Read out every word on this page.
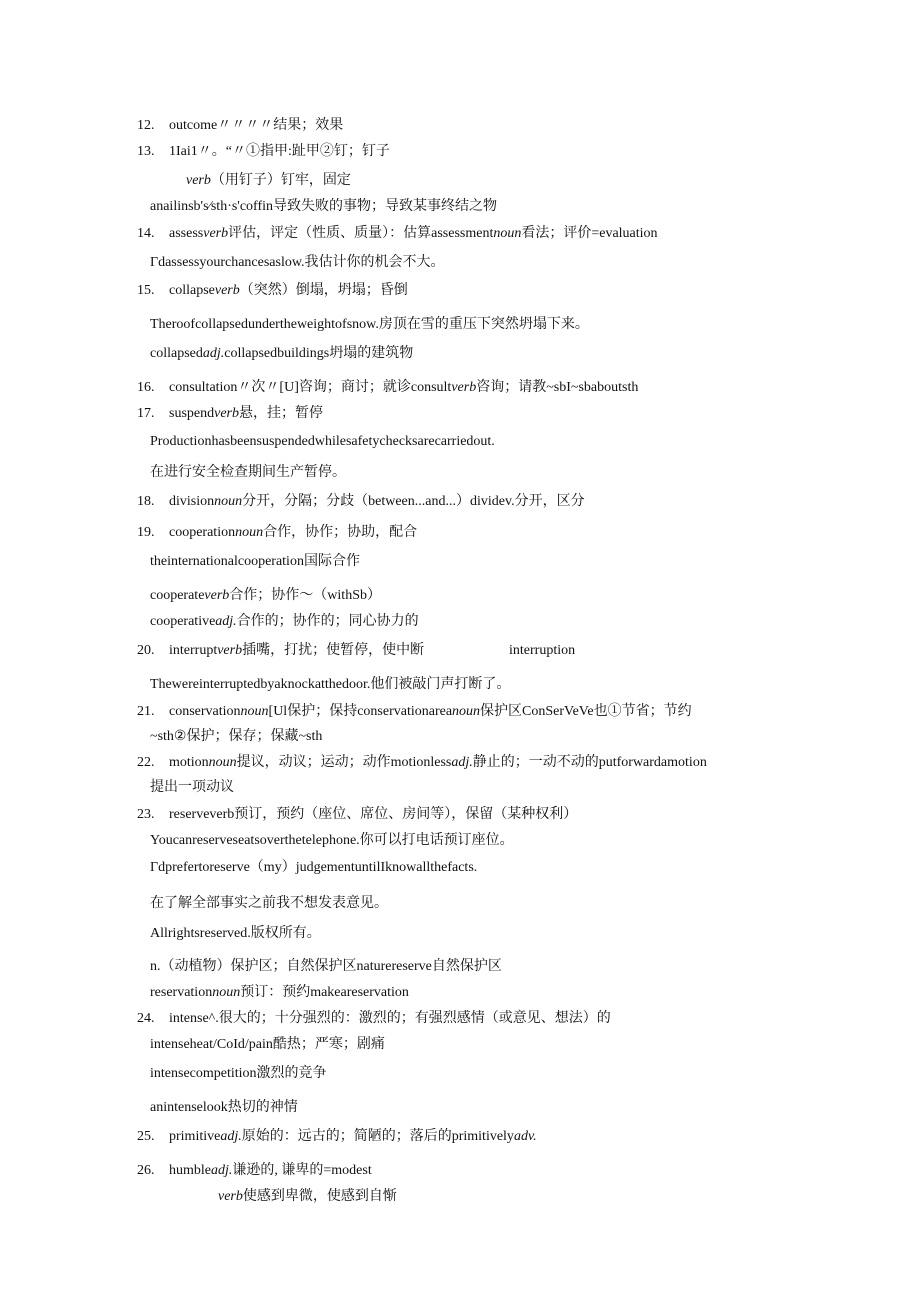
12. outcome〃〃〃〃结果；效果
13. 1Iai1〃。“〃①指甲:趾甲②钉；钉子
verb（用钉子）钉牢，固定
anailinsb's⁄sth·s'coffin导致失败的事物；导致某事终结之物
14. assessverb评估，评定（性质、质量）：估算assessmentnoun看法；评价=evaluation
Γdassessyourchancesaslow.我估计你的机会不大。
15. collapseverb（突然）倒塌，坍塌；昏倒
Theroofcollapsedundertheweightofsnow.房顶在雪的重压下突然坍塌下来。
collapsedadj.collapsedbuildings坍塌的建筑物
16. consultation〃次〃[U]咨询；商讨；就诊consultverb咨询；请教~sbI~sbaboutsth
17. suspendverb悬，挂；暂停
Productionhasbeensuspendedwhilesafetychecksarecarriedout.
在进行安全检查期间生产暂停。
18. divisionnoun分开，分隔；分歧（between...and...）dividev.分开，区分
19. cooperationnoun合作，协作；协助，配合
theinternationalcooperation国际合作
cooperateverb合作；协作～（withSb）
cooperativeadj.合作的；协作的；同心协力的
20. interruptverb插嘴，打扰；使暂停，使中断	interruption
Thewereinterruptedbyaknockatthedoor.他们被敲门声打断了。
21. conservationnoun[Ul保护；保持conservationareanoun保护区ConSerVeVe也①节省；节约
~sth②保护；保存；保藏~sth
22. motionnoun提议，动议；运动；动作motionlessadj.静止的；一动不动的putforwardamotion
提出一项动议
23. reserveverb预订，预约（座位、席位、房间等），保留（某种权利）
Youcanreserveseatsoverthetelephone.你可以打电话预订座位。
Γdprefertoreserve（my）judgementuntilIknowallthefacts.
在了解全部事实之前我不想发表意见。
Allrightsreserved.版权所有。
n.（动植物）保护区；自然保护区naturereserve自然保护区
reservationnoun预订：预约makeareservation
24. intense^.很大的；十分强烈的：激烈的；有强烈感情（或意见、想法）的
intenseheat/CoId/pain酷热；严寒；剧痛
intensecompetition激烈的竞争
anintenselook热切的神情
25. primitiveadj.原始的：远古的；简陋的；落后的primitivelyadv.
26. humbleadj.谦逊的, 谦卑的=modest
verb使感到卑微，使感到自惭
